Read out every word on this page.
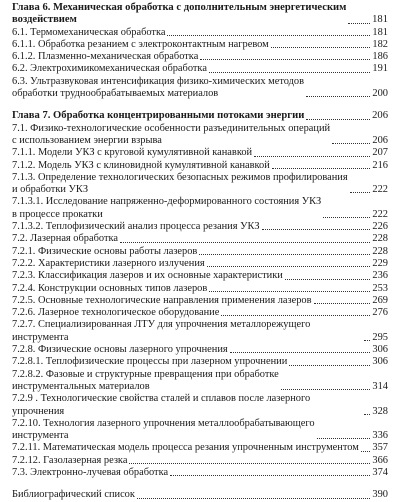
Глава 6. Механическая обработка с дополнительным энергетическим
воздействием	181
6.1. Термомеханическая обработка	181
6.1.1. Обработка резанием с электроконтактным нагревом	182
6.1.2. Плазменно-механическая обработка	186
6.2. Электрохимикомеханическая обработка	191
6.3. Ультразвуковая интенсификация физико-химических методов
обработки труднообрабатываемых материалов	200
Глава 7. Обработка концентрированными потоками энергии	206
7.1. Физико-технологические особенности разъединительных операций
с использованием энергии взрыва	206
7.1.1. Модели УКЗ с круговой кумулятивной канавкой	207
7.1.2. Модель УКЗ с клиновидной кумулятивной канавкой	216
7.1.3. Определение технологических безопасных режимов профилирования
и обработки УКЗ	222
7.1.3.1. Исследование напряженно-деформированного состояния УКЗ
в процессе прокатки	222
7.1.3.2. Теплофизический анализ процесса резания УКЗ	226
7.2. Лазерная обработка	228
7.2.1. Физические основы работы лазеров	228
7.2.2. Характеристики лазерного излучения	229
7.2.3. Классификация лазеров и их основные характеристики	236
7.2.4. Конструкции основных типов лазеров	253
7.2.5. Основные технологические направления применения лазеров	269
7.2.6. Лазерное технологическое оборудование	276
7.2.7. Специализированная ЛТУ для упрочнения металлорежущего инструмента	295
7.2.8. Физические основы лазерного упрочнения	306
7.2.8.1. Теплофизические процессы при лазерном упрочнении	306
7.2.8.2. Фазовые и структурные превращения при обработке
инструментальных материалов	314
7.2.9 . Технологические свойства сталей и сплавов после лазерного упрочнения	328
7.2.10. Технология лазерного упрочнения металлообрабатывающего
инструмента	336
7.2.11. Математическая модель процесса резания упрочненным инструментом 357
7.2.12. Газолазерная резка	366
7.3. Электронно-лучевая обработка	374
Библиографический список	390
